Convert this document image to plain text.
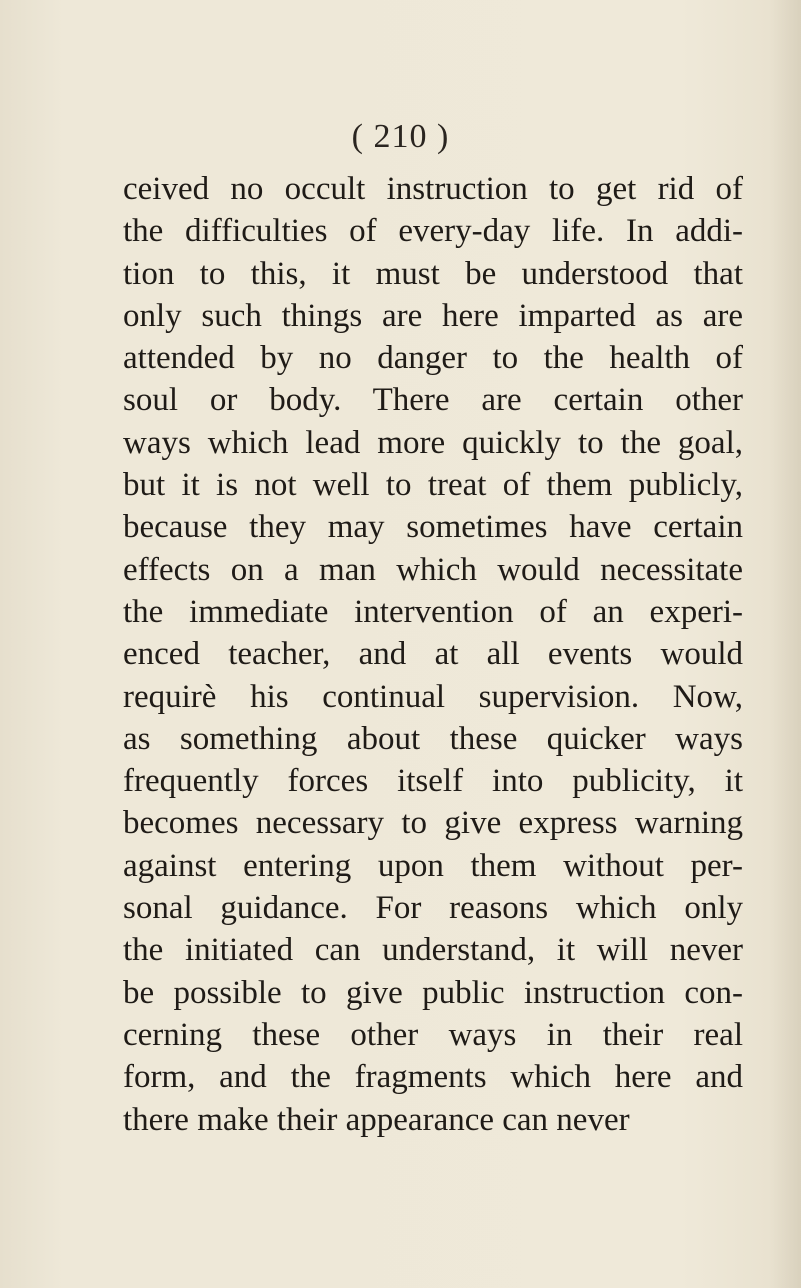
( 210 )
ceived no occult instruction to get rid of
the difficulties of every-day life. In addi-
tion to this, it must be understood that
only such things are here imparted as are
attended by no danger to the health of
soul or body. There are certain other
ways which lead more quickly to the goal,
but it is not well to treat of them publicly,
because they may sometimes have certain
effects on a man which would necessitate
the immediate intervention of an experi-
enced teacher, and at all events would
requirè his continual supervision. Now,
as something about these quicker ways
frequently forces itself into publicity, it
becomes necessary to give express warning
against entering upon them without per-
sonal guidance. For reasons which only
the initiated can understand, it will never
be possible to give public instruction con-
cerning these other ways in their real
form, and the fragments which here and
there make their appearance can never
